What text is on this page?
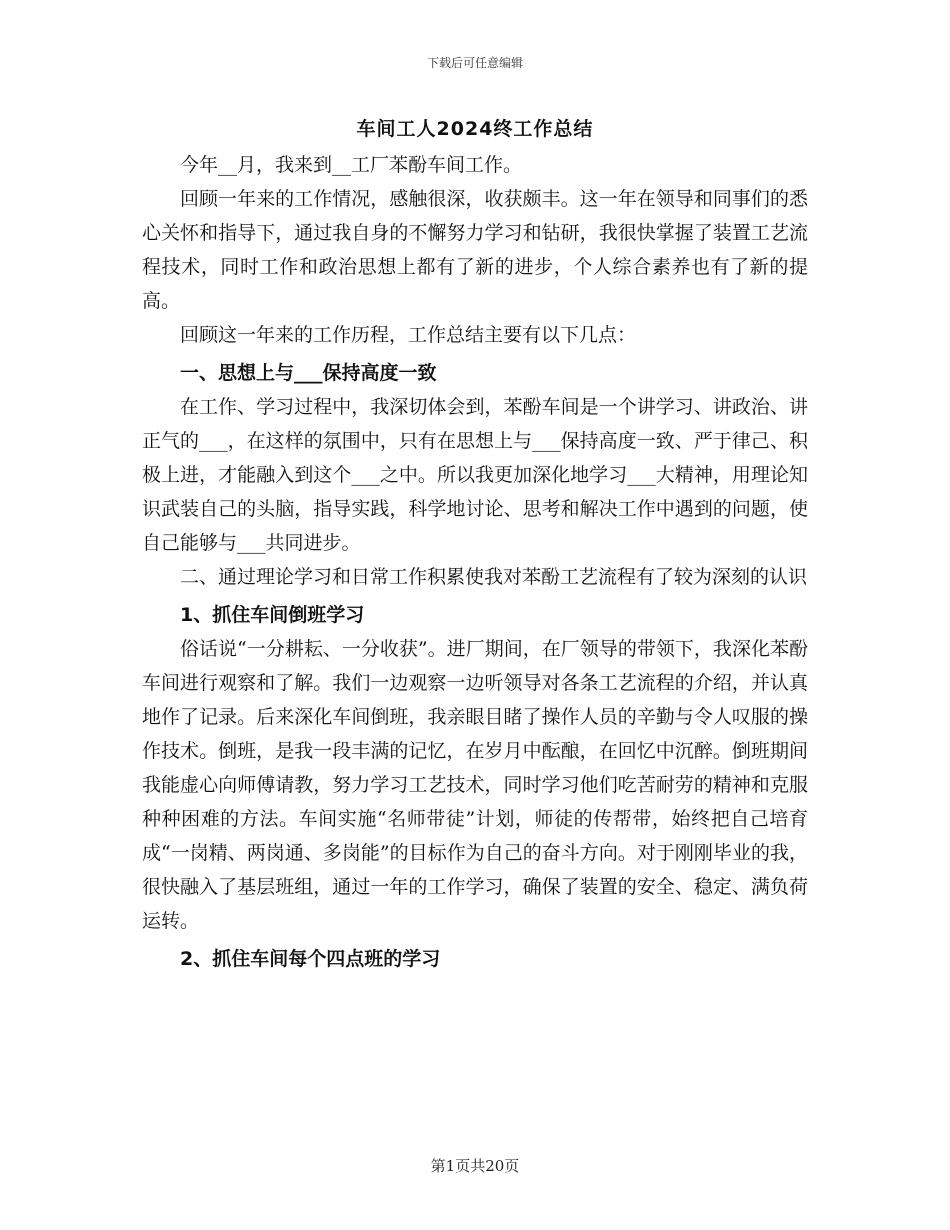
下载后可任意编辑
车间工人2024终工作总结

今年__月，我来到__工厂苯酚车间工作。

回顾一年来的工作情况，感触很深，收获颇丰。这一年在领导和同事们的悉心关怀和指导下，通过我自身的不懈努力学习和钻研，我很快掌握了装置工艺流程技术，同时工作和政治思想上都有了新的进步，个人综合素养也有了新的提高。

回顾这一年来的工作历程，工作总结主要有以下几点：

一、思想上与___保持高度一致

在工作、学习过程中，我深切体会到，苯酚车间是一个讲学习、讲政治、讲正气的___，在这样的氛围中，只有在思想上与___保持高度一致、严于律己、积极上进，才能融入到这个___之中。所以我更加深化地学习___大精神，用理论知识武装自己的头脑，指导实践，科学地讨论、思考和解决工作中遇到的问题，使自己能够与___共同进步。

二、通过理论学习和日常工作积累使我对苯酚工艺流程有了较为深刻的认识

1、抓住车间倒班学习

俗话说“一分耕耘、一分收获”。进厂期间，在厂领导的带领下，我深化苯酚车间进行观察和了解。我们一边观察一边听领导对各条工艺流程的介绍，并认真地作了记录。后来深化车间倒班，我亲眼目睹了操作人员的辛勤与令人叹服的操作技术。倒班，是我一段丰满的记忆，在岁月中酝酿，在回忆中沉醉。倒班期间我能虚心向师傅请教，努力学习工艺技术，同时学习他们吃苦耐劳的精神和克服种种困难的方法。车间实施“名师带徒”计划，师徒的传帮带，始终把自己培育成“一岗精、两岗通、多岗能”的目标作为自己的奋斗方向。对于刚刚毕业的我，很快融入了基层班组，通过一年的工作学习，确保了装置的安全、稳定、满负荷运转。

2、抓住车间每个四点班的学习

第1页共20页
